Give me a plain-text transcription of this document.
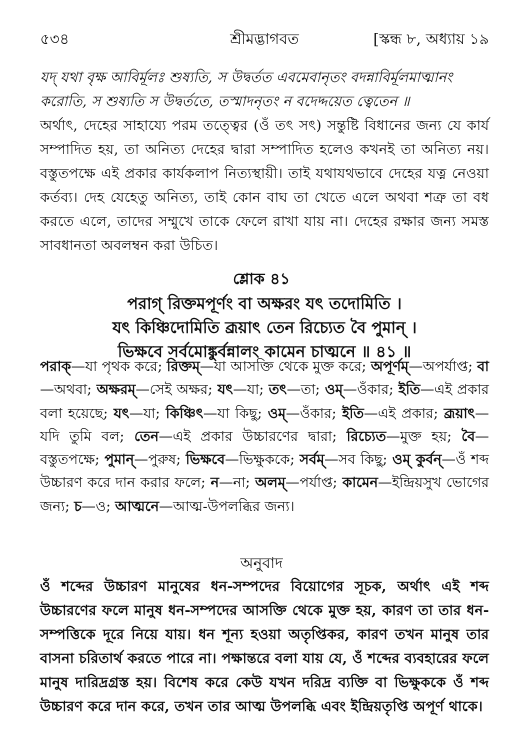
৫৩৪	শ্রীমদ্ভাগবত	[স্কন্ধ ৮, অধ্যায় ১৯
যদ্ যথা বৃক্ষ আবির্মূলঃ শুষ্যতি, স উদ্বর্তত এবমেবানৃতং বদন্নাবির্মূলমাত্মানং করোতি, স শুষ্যতি স উদ্বর্ততে, তস্মাদনৃতং ন বদেদ্দয়েত ত্বেতেন ॥
অর্থাৎ, দেহের সাহায্যে পরম তত্ত্বের (ওঁ তৎ সৎ) সন্তুষ্টি বিধানের জন্য যে কার্য সম্পাদিত হয়, তা অনিত্য দেহের দ্বারা সম্পাদিত হলেও কখনই তা অনিত্য নয়। বস্তুতপক্ষে এই প্রকার কার্যকলাপ নিত্যস্থায়ী। তাই যথাযথভাবে দেহের যত্ন নেওয়া কর্তব্য। দেহ যেহেতু অনিত্য, তাই কোন বাঘ তা খেতে এলে অথবা শত্রু তা বধ করতে এলে, তাদের সম্মুখে তাকে ফেলে রাখা যায় না। দেহের রক্ষার জন্য সমস্ত সাবধানতা অবলম্বন করা উচিত।
শ্লোক ৪১
পরাগ্ রিক্তমপূর্ণং বা অক্ষরং যৎ তদোমিতি ।
যৎ কিঞ্চিদোমিতি ব্রূয়াৎ তেন রিচ্যেত বৈ পুমান্ ।
ভিক্ষবে সর্বমোঙ্কুর্বন্নালং কামেন চাত্মনে ॥ ৪১ ॥
পরাক্—যা পৃথক করে; রিক্তম্—যা আসক্তি থেকে মুক্ত করে; অপূর্ণম্—অপর্যাপ্ত; বা—অথবা; অক্ষরম্—সেই অক্ষর; যৎ—যা; তৎ—তা; ওম্—ওঁকার; ইতি—এই প্রকার বলা হয়েছে; যৎ—যা; কিঞ্চিৎ—যা কিছু; ওম্—ওঁকার; ইতি—এই প্রকার; ব্রূয়াৎ—যদি তুমি বল; তেন—এই প্রকার উচ্চারণের দ্বারা; রিচ্যেত—মুক্ত হয়; বৈ—বস্তুতপক্ষে; পুমান্—পুরুষ; ভিক্ষবে—ভিক্ষুককে; সর্বম্—সব কিছু; ওম্ কুর্বন্—ওঁ শব্দ উচ্চারণ করে দান করার ফলে; ন—না; অলম্—পর্যাপ্ত; কামেন—ইন্দ্রিয়সুখ ভোগের জন্য; চ—ও; আত্মনে—আত্ম-উপলব্ধির জন্য।
অনুবাদ
ওঁ শব্দের উচ্চারণ মানুষের ধন-সম্পদের বিয়োগের সূচক, অর্থাৎ এই শব্দ উচ্চারণের ফলে মানুষ ধন-সম্পদের আসক্তি থেকে মুক্ত হয়, কারণ তা তার ধন-সম্পত্তিকে দূরে নিয়ে যায়। ধন শূন্য হওয়া অতৃপ্তিকর, কারণ তখন মানুষ তার বাসনা চরিতার্থ করতে পারে না। পক্ষান্তরে বলা যায় যে, ওঁ শব্দের ব্যবহারের ফলে মানুষ দারিদ্রগ্রস্ত হয়। বিশেষ করে কেউ যখন দরিদ্র ব্যক্তি বা ভিক্ষুককে ওঁ শব্দ উচ্চারণ করে দান করে, তখন তার আত্ম উপলব্ধি এবং ইন্দ্রিয়তৃপ্তি অপূর্ণ থাকে।
